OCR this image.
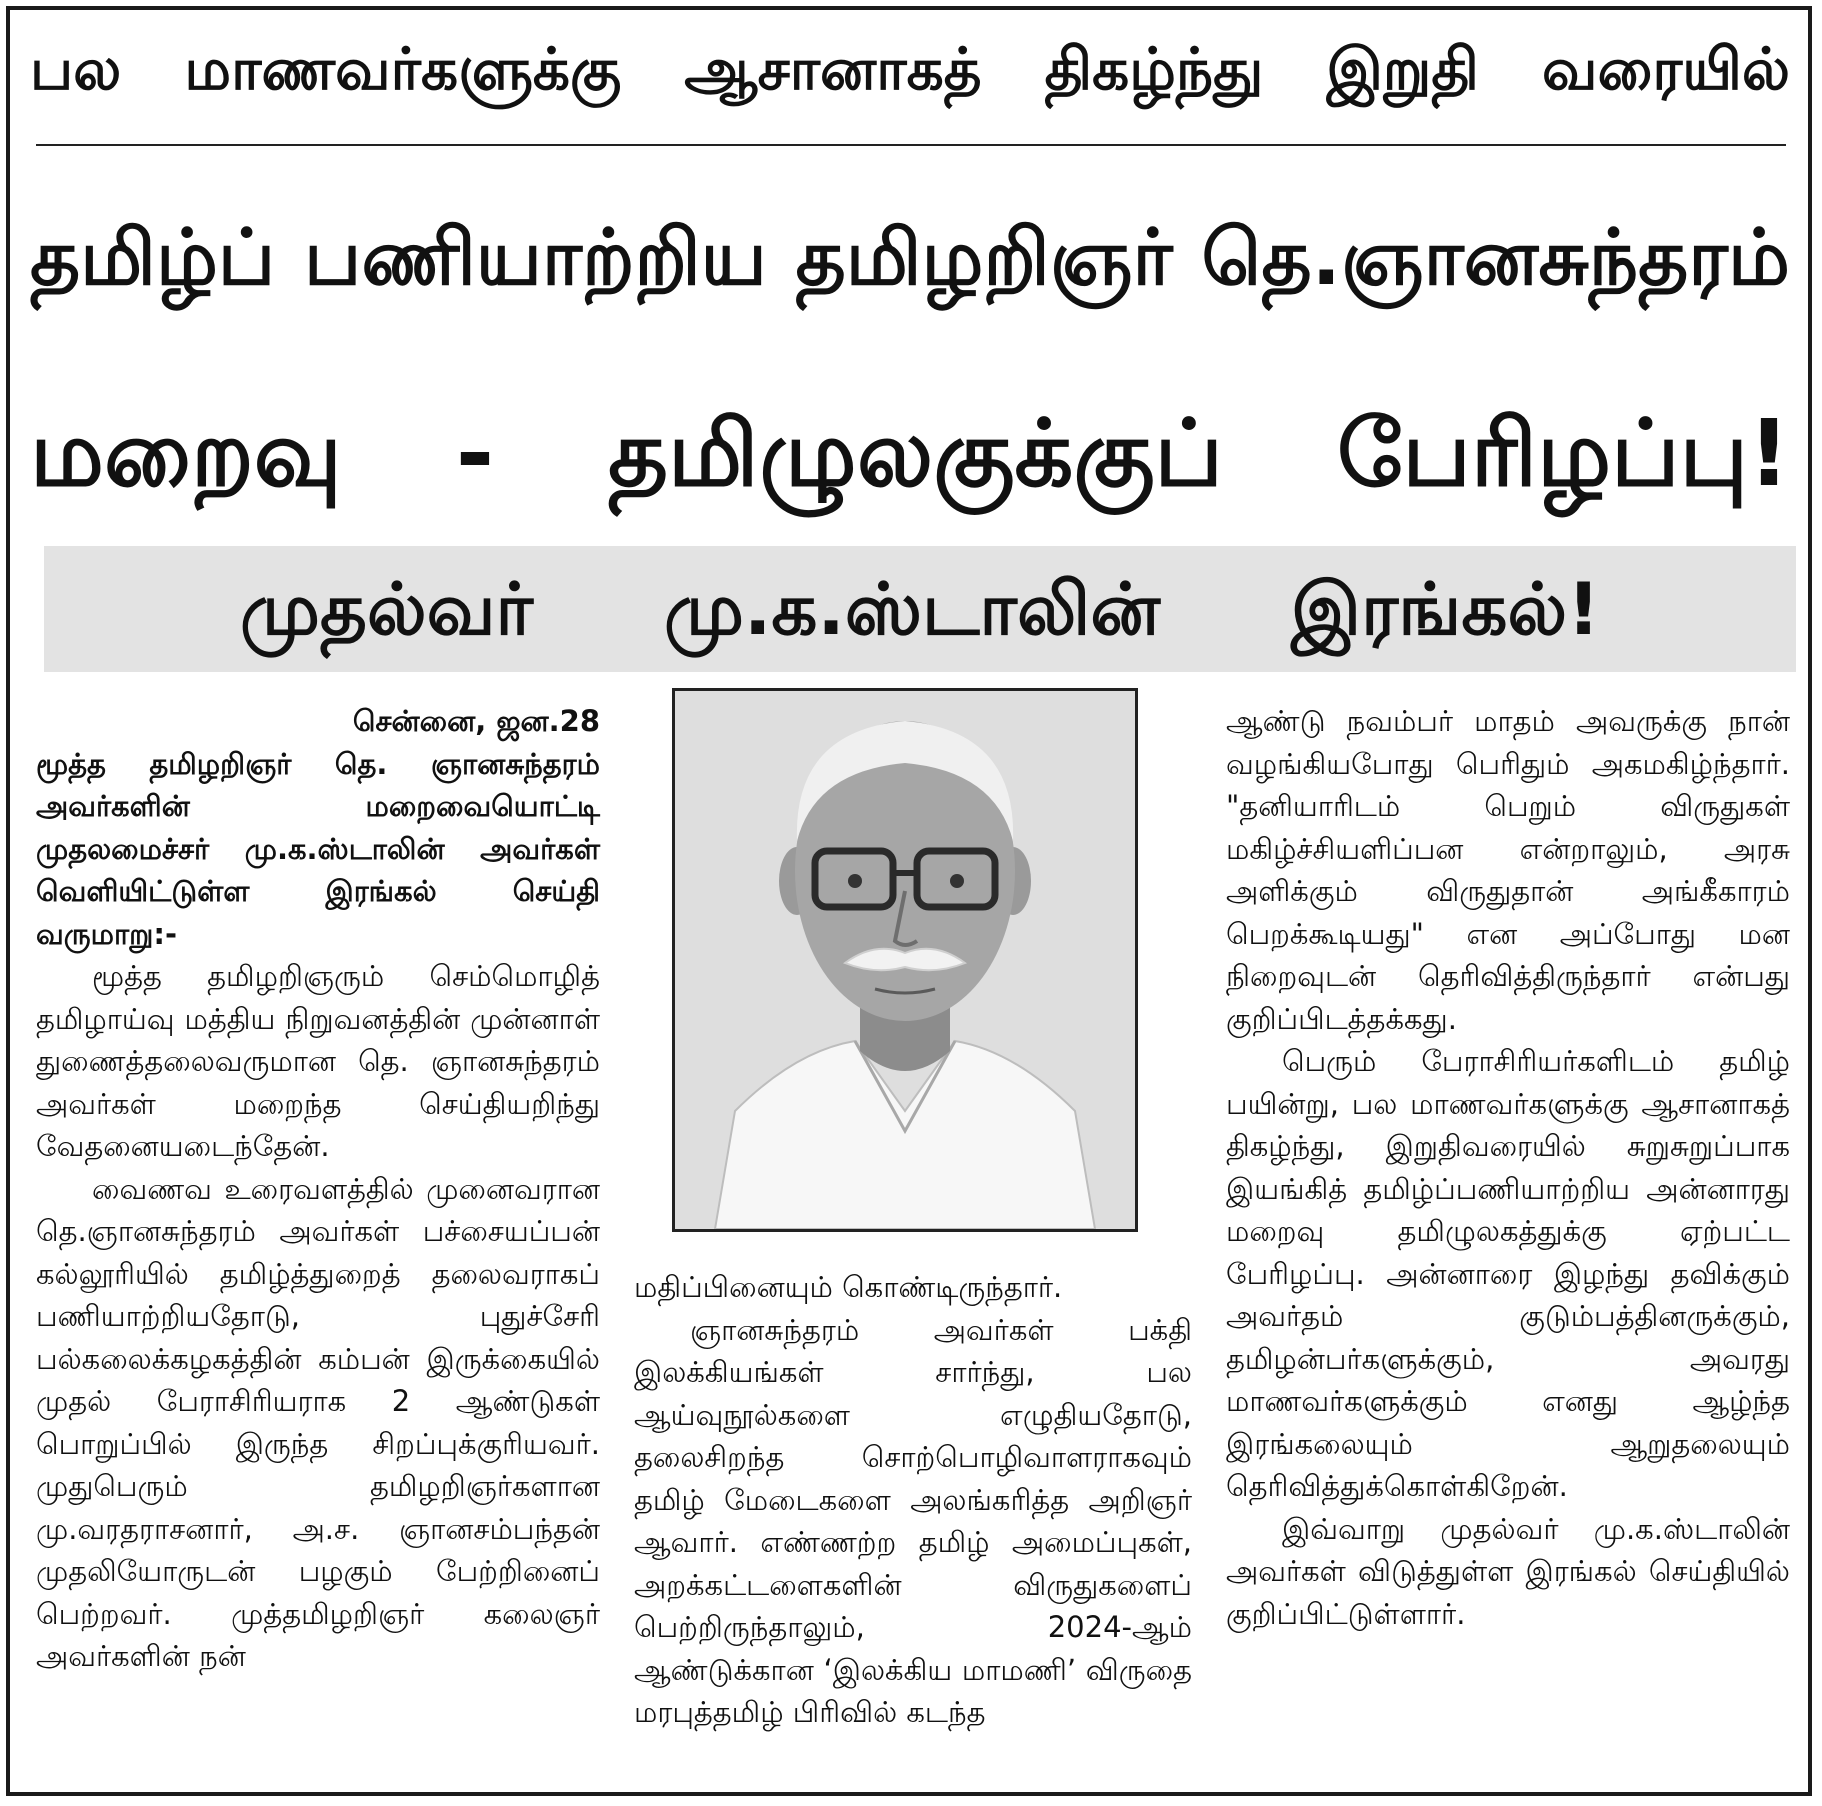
பல மாணவர்களுக்கு ஆசானாகத் திகழ்ந்து இறுதி வரையில்
தமிழ்ப் பணியாற்றிய தமிழறிஞர் தெ.ஞானசுந்தரம்
மறைவு - தமிழுலகுக்குப் பேரிழப்பு!
முதல்வர் மு.க.ஸ்டாலின் இரங்கல்!

சென்னை, ஜன.28

மூத்த தமிழறிஞர் தெ. ஞானசுந்தரம் அவர்களின் மறைவையொட்டி முதலமைச்சர் மு.க.ஸ்டாலின் அவர்கள் வெளியிட்டுள்ள இரங்கல் செய்தி வருமாறு:-

மூத்த தமிழறிஞரும் செம்மொழித் தமிழாய்வு மத்திய நிறுவனத்தின் முன்னாள் துணைத்தலைவருமான தெ. ஞானசுந்தரம் அவர்கள் மறைந்த செய்தியறிந்து வேதனையடைந்தேன்.

வைணவ உரைவளத்தில் முனைவரான தெ.ஞானசுந்தரம் அவர்கள் பச்சையப்பன் கல்லூரியில் தமிழ்த்துறைத் தலைவராகப் பணியாற்றியதோடு, புதுச்சேரி பல்கலைக்கழகத்தின் கம்பன் இருக்கையில் முதல் பேராசிரியராக 2 ஆண்டுகள் பொறுப்பில் இருந்த சிறப்புக்குரியவர். முதுபெரும் தமிழறிஞர்களான மு.வரதராசனார், அ.ச. ஞானசம்பந்தன் முதலியோருடன் பழகும் பேற்றினைப் பெற்றவர். முத்தமிழறிஞர் கலைஞர் அவர்களின் நன்

மதிப்பினையும் கொண்டிருந்தார்.

ஞானசுந்தரம் அவர்கள் பக்தி இலக்கியங்கள் சார்ந்து, பல ஆய்வுநூல்களை எழுதியதோடு, தலைசிறந்த சொற்பொழிவாளராகவும் தமிழ் மேடைகளை அலங்கரித்த அறிஞர் ஆவார். எண்ணற்ற தமிழ் அமைப்புகள், அறக்கட்டளைகளின் விருதுகளைப் பெற்றிருந்தாலும், 2024-ஆம் ஆண்டுக்கான ‘இலக்கிய மாமணி’ விருதை மரபுத்தமிழ் பிரிவில் கடந்த

ஆண்டு நவம்பர் மாதம் அவருக்கு நான் வழங்கியபோது பெரிதும் அகமகிழ்ந்தார். "தனியாரிடம் பெறும் விருதுகள் மகிழ்ச்சியளிப்பன என்றாலும், அரசு அளிக்கும் விருதுதான் அங்கீகாரம் பெறக்கூடியது" என அப்போது மன நிறைவுடன் தெரிவித்திருந்தார் என்பது குறிப்பிடத்தக்கது.

பெரும் பேராசிரியர்களிடம் தமிழ் பயின்று, பல மாணவர்களுக்கு ஆசானாகத் திகழ்ந்து, இறுதிவரையில் சுறுசுறுப்பாக இயங்கித் தமிழ்ப்பணியாற்றிய அன்னாரது மறைவு தமிழுலகத்துக்கு ஏற்பட்ட பேரிழப்பு. அன்னாரை இழந்து தவிக்கும் அவர்தம் குடும்பத்தினருக்கும், தமிழன்பர்களுக்கும், அவரது மாணவர்களுக்கும் எனது ஆழ்ந்த இரங்கலையும் ஆறுதலையும் தெரிவித்துக்கொள்கிறேன்.

இவ்வாறு முதல்வர் மு.க.ஸ்டாலின் அவர்கள் விடுத்துள்ள இரங்கல் செய்தியில் குறிப்பிட்டுள்ளார்.
